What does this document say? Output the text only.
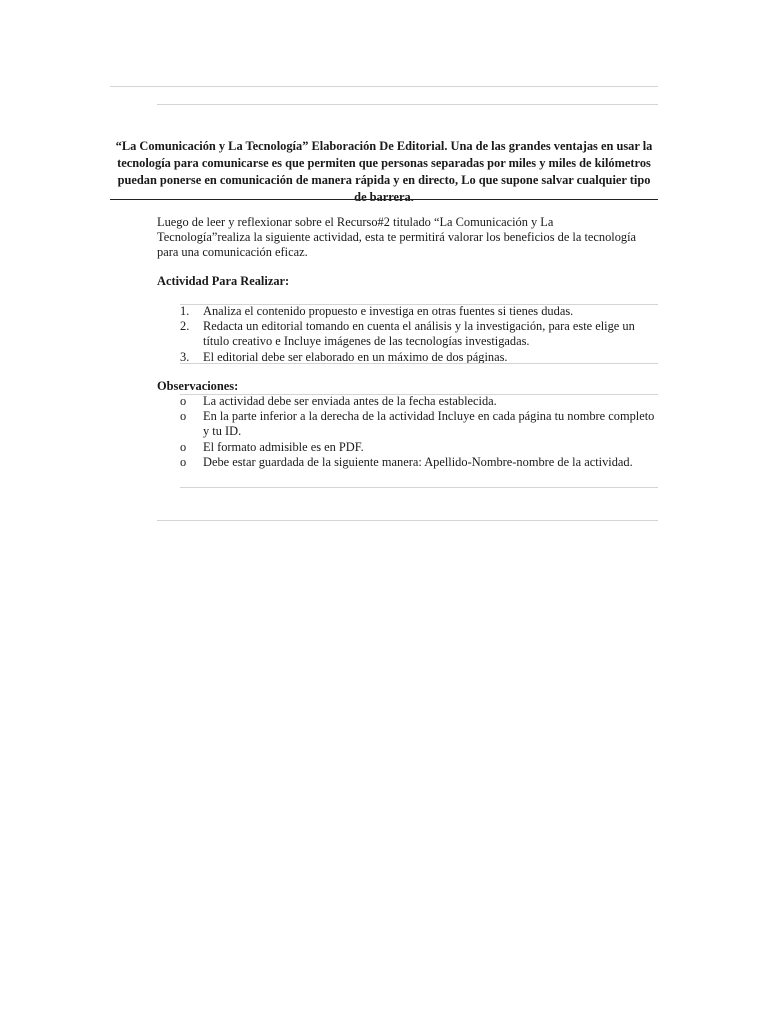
“La Comunicación y La Tecnología” Elaboración De Editorial. Una de las grandes ventajas en usar la tecnología para comunicarse es que permiten que personas separadas por miles y miles de kilómetros puedan ponerse en comunicación de manera rápida y en directo, Lo que supone salvar cualquier tipo de barrera.

Luego de leer y reflexionar sobre el Recurso#2 titulado “La Comunicación y La Tecnología”realiza la siguiente actividad, esta te permitirá valorar los beneficios de la tecnología para una comunicación eficaz.

Actividad Para Realizar:

1. Analiza el contenido propuesto e investiga en otras fuentes si tienes dudas.
2. Redacta un editorial tomando en cuenta el análisis y la investigación, para este elige un título creativo e Incluye imágenes de las tecnologías investigadas.
3. El editorial debe ser elaborado en un máximo de dos páginas.

Observaciones:

o La actividad debe ser enviada antes de la fecha establecida.
o En la parte inferior a la derecha de la actividad Incluye en cada página tu nombre completo y tu ID.
o El formato admisible es en PDF.
o Debe estar guardada de la siguiente manera: Apellido-Nombre-nombre de la actividad.
